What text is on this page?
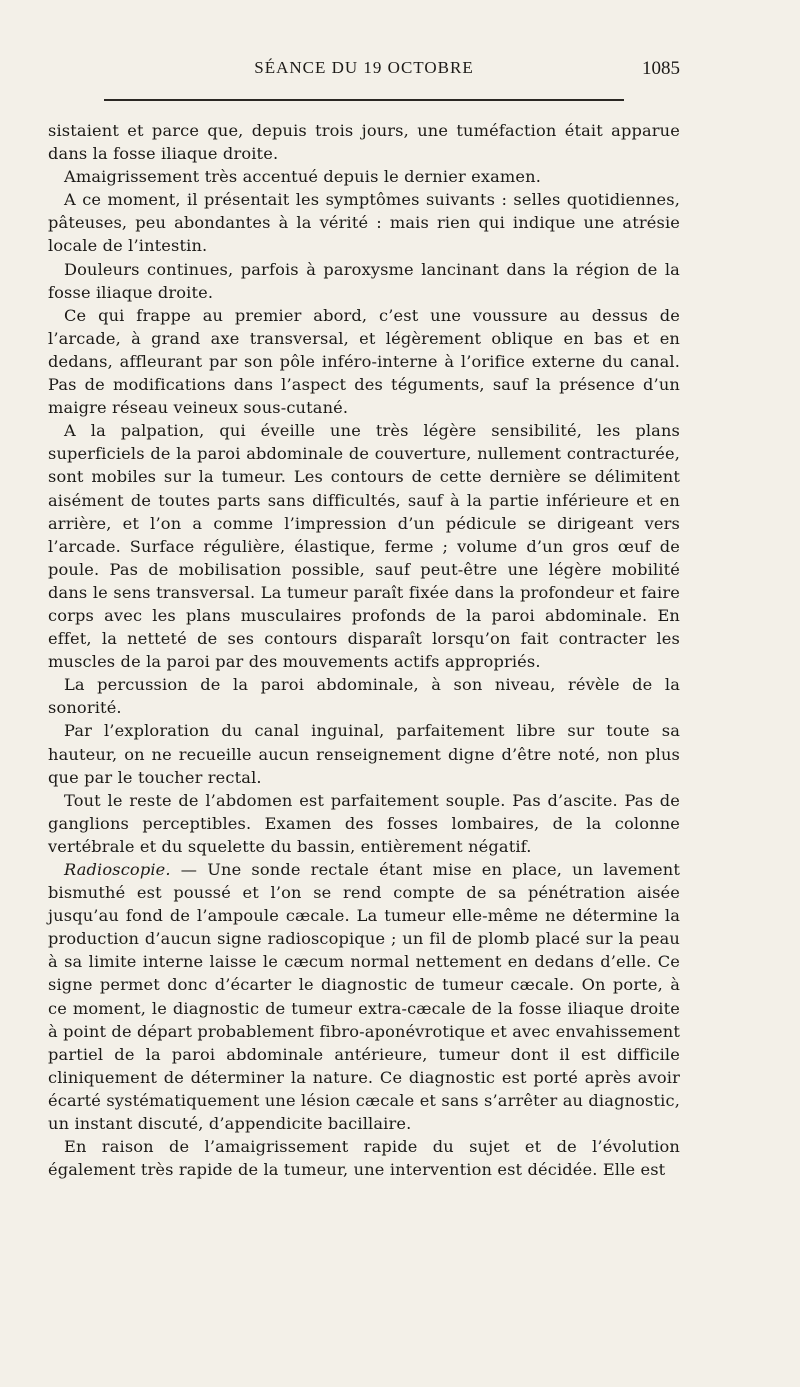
SÉANCE DU 19 OCTOBRE	1085

sistaient et parce que, depuis trois jours, une tuméfaction était apparue dans la fosse iliaque droite.

Amaigrissement très accentué depuis le dernier examen.

A ce moment, il présentait les symptômes suivants : selles quotidiennes, pâteuses, peu abondantes à la vérité : mais rien qui indique une atrésie locale de l’intestin.

Douleurs continues, parfois à paroxysme lancinant dans la région de la fosse iliaque droite.

Ce qui frappe au premier abord, c’est une voussure au dessus de l’arcade, à grand axe transversal, et légèrement oblique en bas et en dedans, affleurant par son pôle inféro-interne à l’orifice externe du canal. Pas de modifications dans l’aspect des téguments, sauf la présence d’un maigre réseau veineux sous-cutané.

A la palpation, qui éveille une très légère sensibilité, les plans superficiels de la paroi abdominale de couverture, nullement contracturée, sont mobiles sur la tumeur. Les contours de cette dernière se délimitent aisément de toutes parts sans difficultés, sauf à la partie inférieure et en arrière, et l’on a comme l’impression d’un pédicule se dirigeant vers l’arcade. Surface régulière, élastique, ferme ; volume d’un gros œuf de poule. Pas de mobilisation possible, sauf peut-être une légère mobilité dans le sens transversal. La tumeur paraît fixée dans la profondeur et faire corps avec les plans musculaires profonds de la paroi abdominale. En effet, la netteté de ses contours disparaît lorsqu’on fait contracter les muscles de la paroi par des mouvements actifs appropriés.

La percussion de la paroi abdominale, à son niveau, révèle de la sonorité.

Par l’exploration du canal inguinal, parfaitement libre sur toute sa hauteur, on ne recueille aucun renseignement digne d’être noté, non plus que par le toucher rectal.

Tout le reste de l’abdomen est parfaitement souple. Pas d’ascite. Pas de ganglions perceptibles. Examen des fosses lombaires, de la colonne vertébrale et du squelette du bassin, entièrement négatif.

Radioscopie. — Une sonde rectale étant mise en place, un lavement bismuthé est poussé et l’on se rend compte de sa pénétration aisée jusqu’au fond de l’ampoule cæcale. La tumeur elle-même ne détermine la production d’aucun signe radioscopique ; un fil de plomb placé sur la peau à sa limite interne laisse le cæcum normal nettement en dedans d’elle. Ce signe permet donc d’écarter le diagnostic de tumeur cæcale. On porte, à ce moment, le diagnostic de tumeur extra-cæcale de la fosse iliaque droite à point de départ probablement fibro-aponévrotique et avec envahissement partiel de la paroi abdominale antérieure, tumeur dont il est difficile cliniquement de déterminer la nature. Ce diagnostic est porté après avoir écarté systématiquement une lésion cæcale et sans s’arrêter au diagnostic, un instant discuté, d’appendicite bacillaire.

En raison de l’amaigrissement rapide du sujet et de l’évolution également très rapide de la tumeur, une intervention est décidée. Elle est
